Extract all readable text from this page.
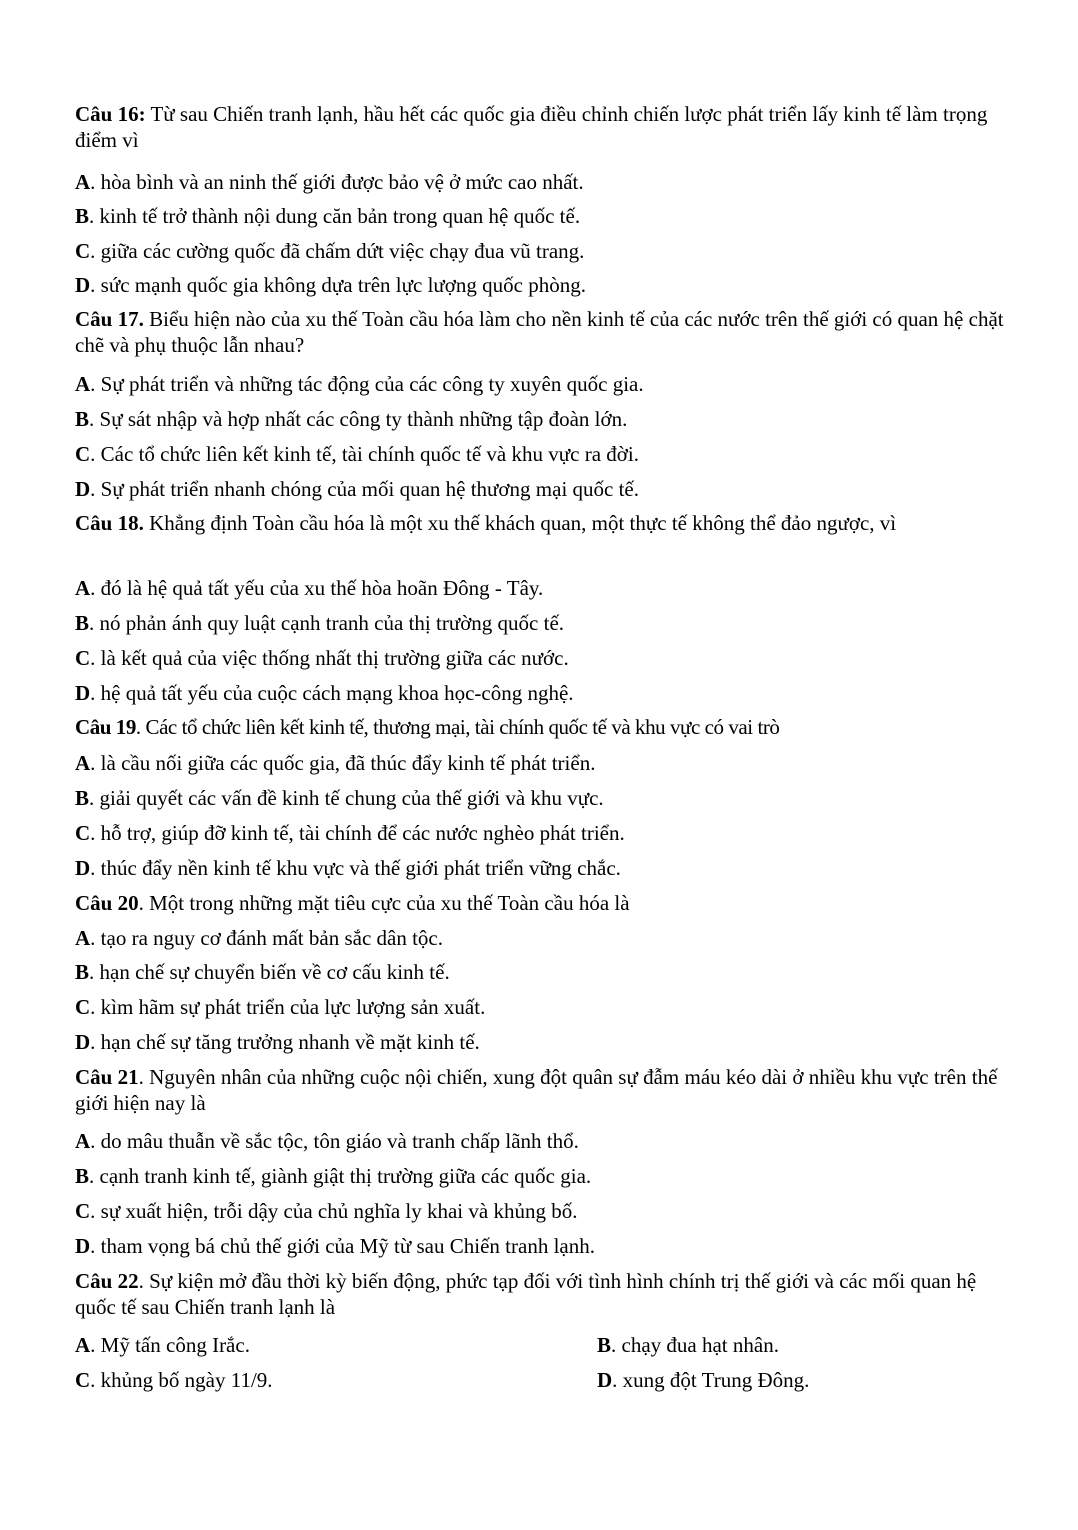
Câu 16: Từ sau Chiến tranh lạnh, hầu hết các quốc gia điều chỉnh chiến lược phát triển lấy kinh tế làm trọng điểm vì
A. hòa bình và an ninh thế giới được bảo vệ ở mức cao nhất.
B. kinh tế trở thành nội dung căn bản trong quan hệ quốc tế.
C. giữa các cường quốc đã chấm dứt việc chạy đua vũ trang.
D. sức mạnh quốc gia không dựa trên lực lượng quốc phòng.
Câu 17. Biểu hiện nào của xu thế Toàn cầu hóa làm cho nền kinh tế của các nước trên thế giới có quan hệ chặt chẽ và phụ thuộc lẫn nhau?
A. Sự phát triển và những tác động của các công ty xuyên quốc gia.
B. Sự sát nhập và hợp nhất các công ty thành những tập đoàn lớn.
C. Các tổ chức liên kết kinh tế, tài chính quốc tế và khu vực ra đời.
D. Sự phát triển nhanh chóng của mối quan hệ thương mại quốc tế.
Câu 18. Khẳng định Toàn cầu hóa là một xu thế khách quan, một thực tế không thể đảo ngược, vì
A. đó là hệ quả tất yếu của xu thế hòa hoãn Đông - Tây.
B. nó phản ánh quy luật cạnh tranh của thị trường quốc tế.
C. là kết quả của việc thống nhất thị trường giữa các nước.
D. hệ quả tất yếu của cuộc cách mạng khoa học-công nghệ.
Câu 19. Các tổ chức liên kết kinh tế, thương mại, tài chính quốc tế và khu vực có vai trò
A. là cầu nối giữa các quốc gia, đã thúc đẩy kinh tế phát triển.
B. giải quyết các vấn đề kinh tế chung của thế giới và khu vực.
C. hỗ trợ, giúp đỡ kinh tế, tài chính để các nước nghèo phát triển.
D. thúc đẩy nền kinh tế khu vực và thế giới phát triển vững chắc.
Câu 20. Một trong những mặt tiêu cực của xu thế Toàn cầu hóa là
A. tạo ra nguy cơ đánh mất bản sắc dân tộc.
B. hạn chế sự chuyển biến về cơ cấu kinh tế.
C. kìm hãm sự phát triển của lực lượng sản xuất.
D. hạn chế sự tăng trưởng nhanh về mặt kinh tế.
Câu 21. Nguyên nhân của những cuộc nội chiến, xung đột quân sự đẫm máu kéo dài ở nhiều khu vực trên thế giới hiện nay là
A. do mâu thuẫn về sắc tộc, tôn giáo và tranh chấp lãnh thổ.
B. cạnh tranh kinh tế, giành giật thị trường giữa các quốc gia.
C. sự xuất hiện, trỗi dậy của chủ nghĩa ly khai và khủng bố.
D. tham vọng bá chủ thế giới của Mỹ từ sau Chiến tranh lạnh.
Câu 22. Sự kiện mở đầu thời kỳ biến động, phức tạp đối với tình hình chính trị thế giới và các mối quan hệ quốc tế sau Chiến tranh lạnh là
A. Mỹ tấn công Irắc.	B. chạy đua hạt nhân.
C. khủng bố ngày 11/9.	D. xung đột Trung Đông.
